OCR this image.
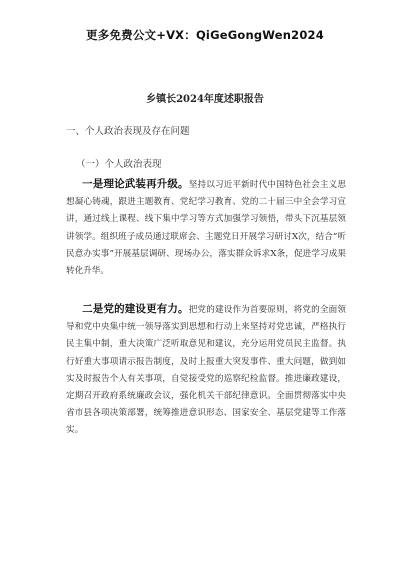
更多免费公文+VX：QiGeGongWen2024
乡镇长2024年度述职报告
一、个人政治表现及存在问题
（一）个人政治表现

一是理论武装再升级。坚持以习近平新时代中国特色社会主义思想凝心铸魂，跟进主题教育、党纪学习教育、党的二十届三中全会学习宣讲，通过线上课程、线下集中学习等方式加强学习领悟，带头下沉基层领讲领学。组织班子成员通过联席会、主题党日开展学习研讨X次，结合“听民意办实事”开展基层调研、现场办公，落实群众诉求X条，促进学习成果转化升华。

二是党的建设更有力。把党的建设作为首要原则，将党的全面领导和党中央集中统一领导落实到思想和行动上来坚持对党忠诚，严格执行民主集中制，重大决策广泛听取意见和建议，充分运用党员民主监督。执行好重大事项请示报告制度，及时上报重大突发事件、重大问题，做到如实及时报告个人有关事项，自觉接受党的巡察纪检监督。推进廉政建设，定期召开政府系统廉政会议，强化机关干部纪律意识。全面贯彻落实中央省市县各项决策部署，统筹推进意识形态、国家安全、基层党建等工作落实。
